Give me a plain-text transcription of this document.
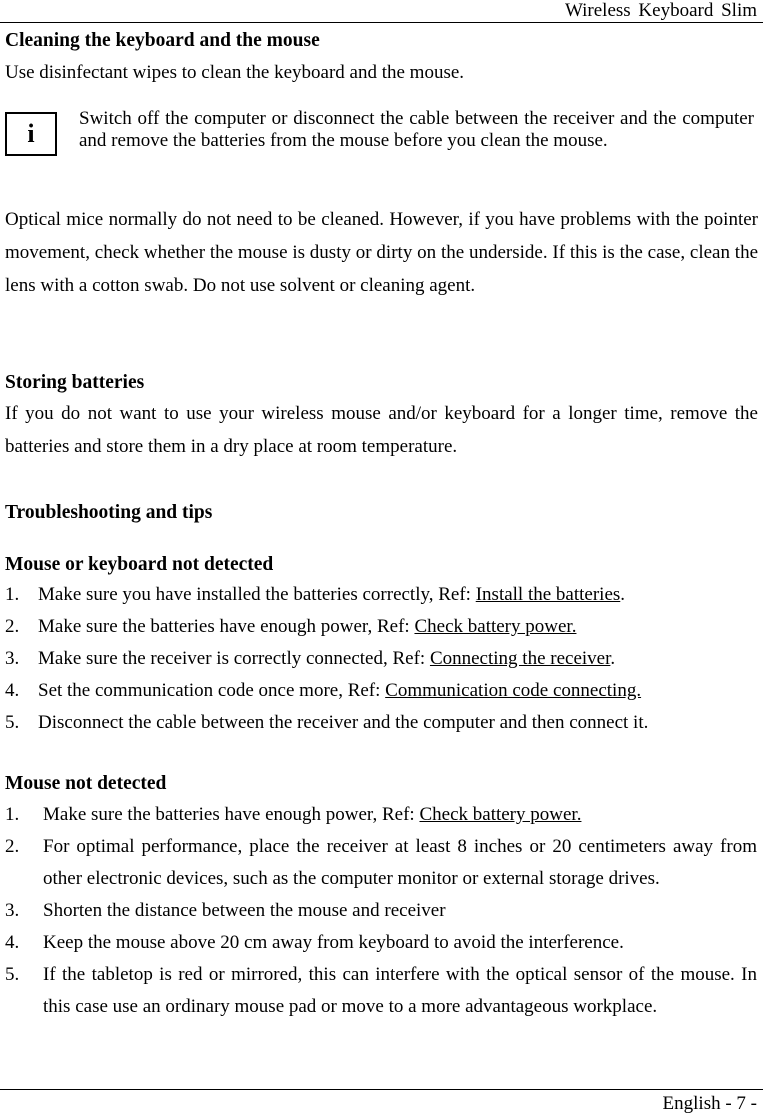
Wireless Keyboard Slim
Cleaning the keyboard and the mouse
Use disinfectant wipes to clean the keyboard and the mouse.
i
Switch off the computer or disconnect the cable between the receiver and the computer and remove the batteries from the mouse before you clean the mouse.
Optical mice normally do not need to be cleaned. However, if you have problems with the pointer movement, check whether the mouse is dusty or dirty on the underside. If this is the case, clean the lens with a cotton swab. Do not use solvent or cleaning agent.
Storing batteries
If you do not want to use your wireless mouse and/or keyboard for a longer time, remove the batteries and store them in a dry place at room temperature.
Troubleshooting and tips
Mouse or keyboard not detected
1. Make sure you have installed the batteries correctly, Ref: Install the batteries.
2. Make sure the batteries have enough power, Ref: Check battery power.
3. Make sure the receiver is correctly connected, Ref: Connecting the receiver.
4. Set the communication code once more, Ref: Communication code connecting.
5. Disconnect the cable between the receiver and the computer and then connect it.
Mouse not detected
1. Make sure the batteries have enough power, Ref: Check battery power.
2. For optimal performance, place the receiver at least 8 inches or 20 centimeters away from other electronic devices, such as the computer monitor or external storage drives.
3. Shorten the distance between the mouse and receiver
4. Keep the mouse above 20 cm away from keyboard to avoid the interference.
5. If the tabletop is red or mirrored, this can interfere with the optical sensor of the mouse. In this case use an ordinary mouse pad or move to a more advantageous workplace.
English - 7 -
